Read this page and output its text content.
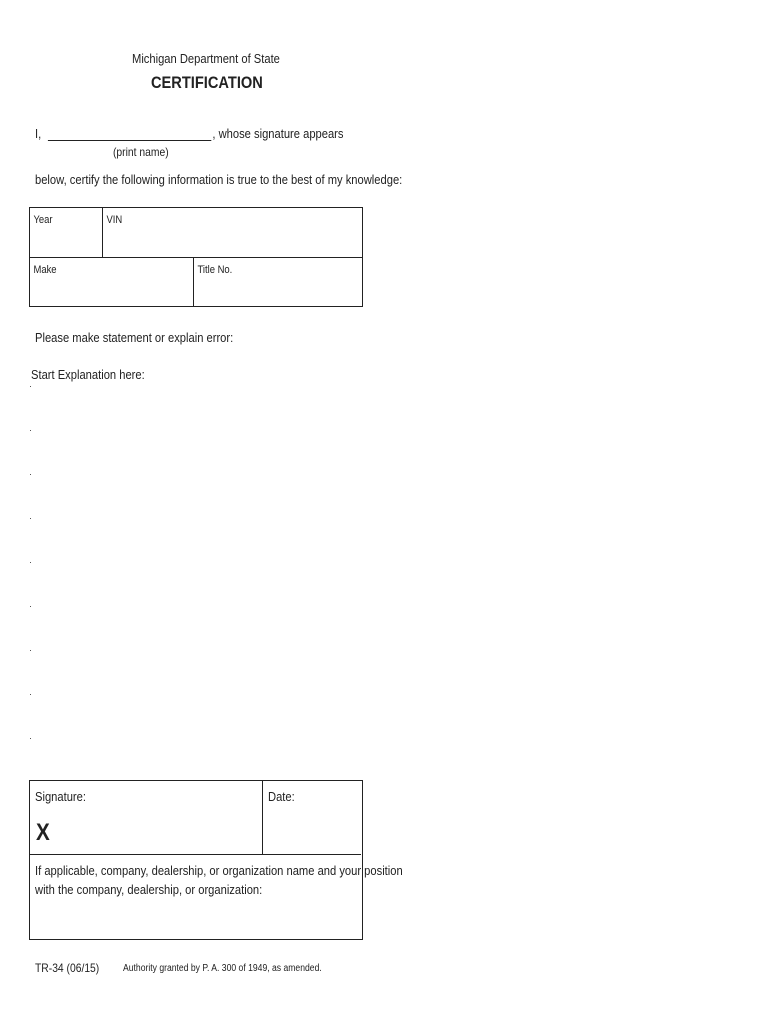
Michigan Department of State
CERTIFICATION
I,	, whose signature appears
(print name)
below, certify the following information is true to the best of my knowledge:
Year	VIN	

Make		Title No.
Please make statement or explain error:
Start Explanation here:
Signature:
X
Date:
If applicable, company, dealership, or organization name and your position
with the company, dealership, or organization:
TR-34 (06/15) Authority granted by P. A. 300 of 1949, as amended.
